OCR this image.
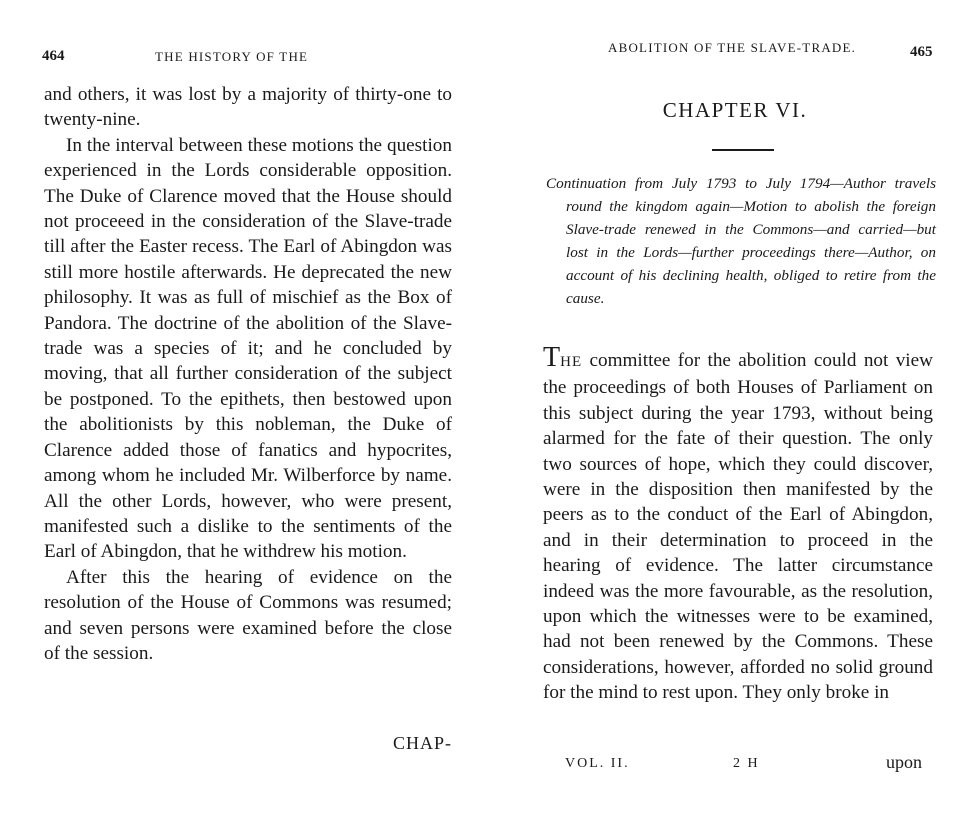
464	THE HISTORY OF THE

and others, it was lost by a majority of thirty-one to twenty-nine.

In the interval between these motions the question experienced in the Lords considerable opposition. The Duke of Clarence moved that the House should not proceeed in the consideration of the Slave-trade till after the Easter recess. The Earl of Abingdon was still more hostile afterwards. He deprecated the new philosophy. It was as full of mischief as the Box of Pandora. The doctrine of the abolition of the Slave-trade was a species of it; and he concluded by moving, that all further consideration of the subject be postponed. To the epithets, then bestowed upon the abolitionists by this nobleman, the Duke of Clarence added those of fanatics and hypocrites, among whom he included Mr. Wilberforce by name. All the other Lords, however, who were present, manifested such a dislike to the sentiments of the Earl of Abingdon, that he withdrew his motion.

After this the hearing of evidence on the resolution of the House of Commons was resumed; and seven persons were examined before the close of the session.

CHAP-
ABOLITION OF THE SLAVE-TRADE.	465
CHAPTER VI.

Continuation from July 1793 to July 1794—Author travels round the kingdom again—Motion to abolish the foreign Slave-trade renewed in the Commons—and carried—but lost in the Lords—further proceedings there—Author, on account of his declining health, obliged to retire from the cause.

THE committee for the abolition could not view the proceedings of both Houses of Parliament on this subject during the year 1793, without being alarmed for the fate of their question. The only two sources of hope, which they could discover, were in the disposition then manifested by the peers as to the conduct of the Earl of Abingdon, and in their determination to proceed in the hearing of evidence. The latter circumstance indeed was the more favourable, as the resolution, upon which the witnesses were to be examined, had not been renewed by the Commons. These considerations, however, afforded no solid ground for the mind to rest upon. They only broke in

VOL. II.	2 H	upon
